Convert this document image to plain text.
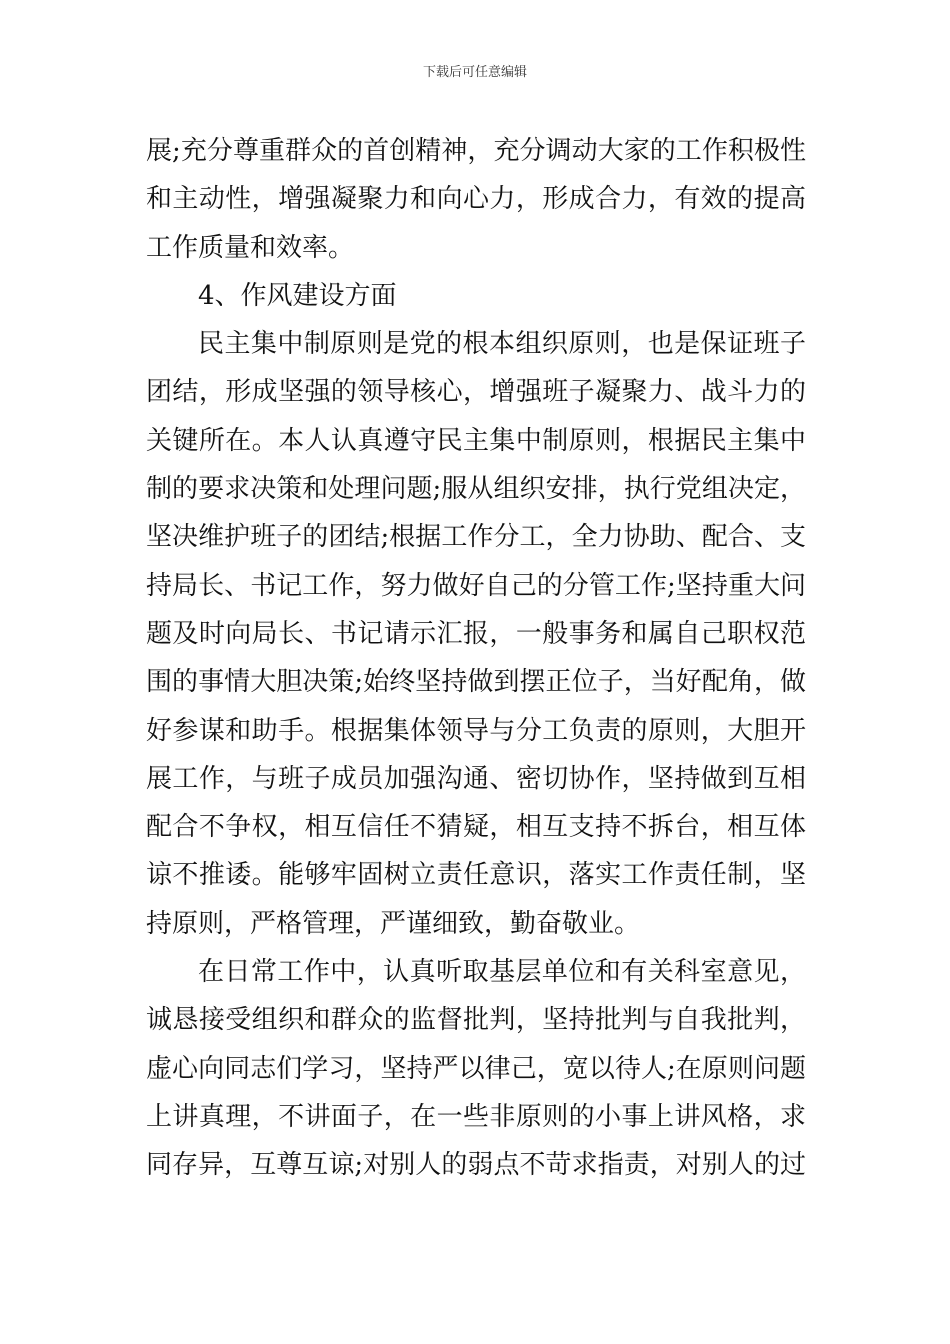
下载后可任意编辑
展;充分尊重群众的首创精神，充分调动大家的工作积极性
和主动性，增强凝聚力和向心力，形成合力，有效的提高
工作质量和效率。
4、作风建设方面
民主集中制原则是党的根本组织原则，也是保证班子
团结，形成坚强的领导核心，增强班子凝聚力、战斗力的
关键所在。本人认真遵守民主集中制原则，根据民主集中
制的要求决策和处理问题;服从组织安排，执行党组决定，
坚决维护班子的团结;根据工作分工，全力协助、配合、支
持局长、书记工作，努力做好自己的分管工作;坚持重大问
题及时向局长、书记请示汇报，一般事务和属自己职权范
围的事情大胆决策;始终坚持做到摆正位子，当好配角，做
好参谋和助手。根据集体领导与分工负责的原则，大胆开
展工作，与班子成员加强沟通、密切协作，坚持做到互相
配合不争权，相互信任不猜疑，相互支持不拆台，相互体
谅不推诿。能够牢固树立责任意识，落实工作责任制，坚
持原则，严格管理，严谨细致，勤奋敬业。
在日常工作中，认真听取基层单位和有关科室意见，
诚恳接受组织和群众的监督批判，坚持批判与自我批判，
虚心向同志们学习，坚持严以律己，宽以待人;在原则问题
上讲真理，不讲面子，在一些非原则的小事上讲风格，求
同存异，互尊互谅;对别人的弱点不苛求指责，对别人的过
